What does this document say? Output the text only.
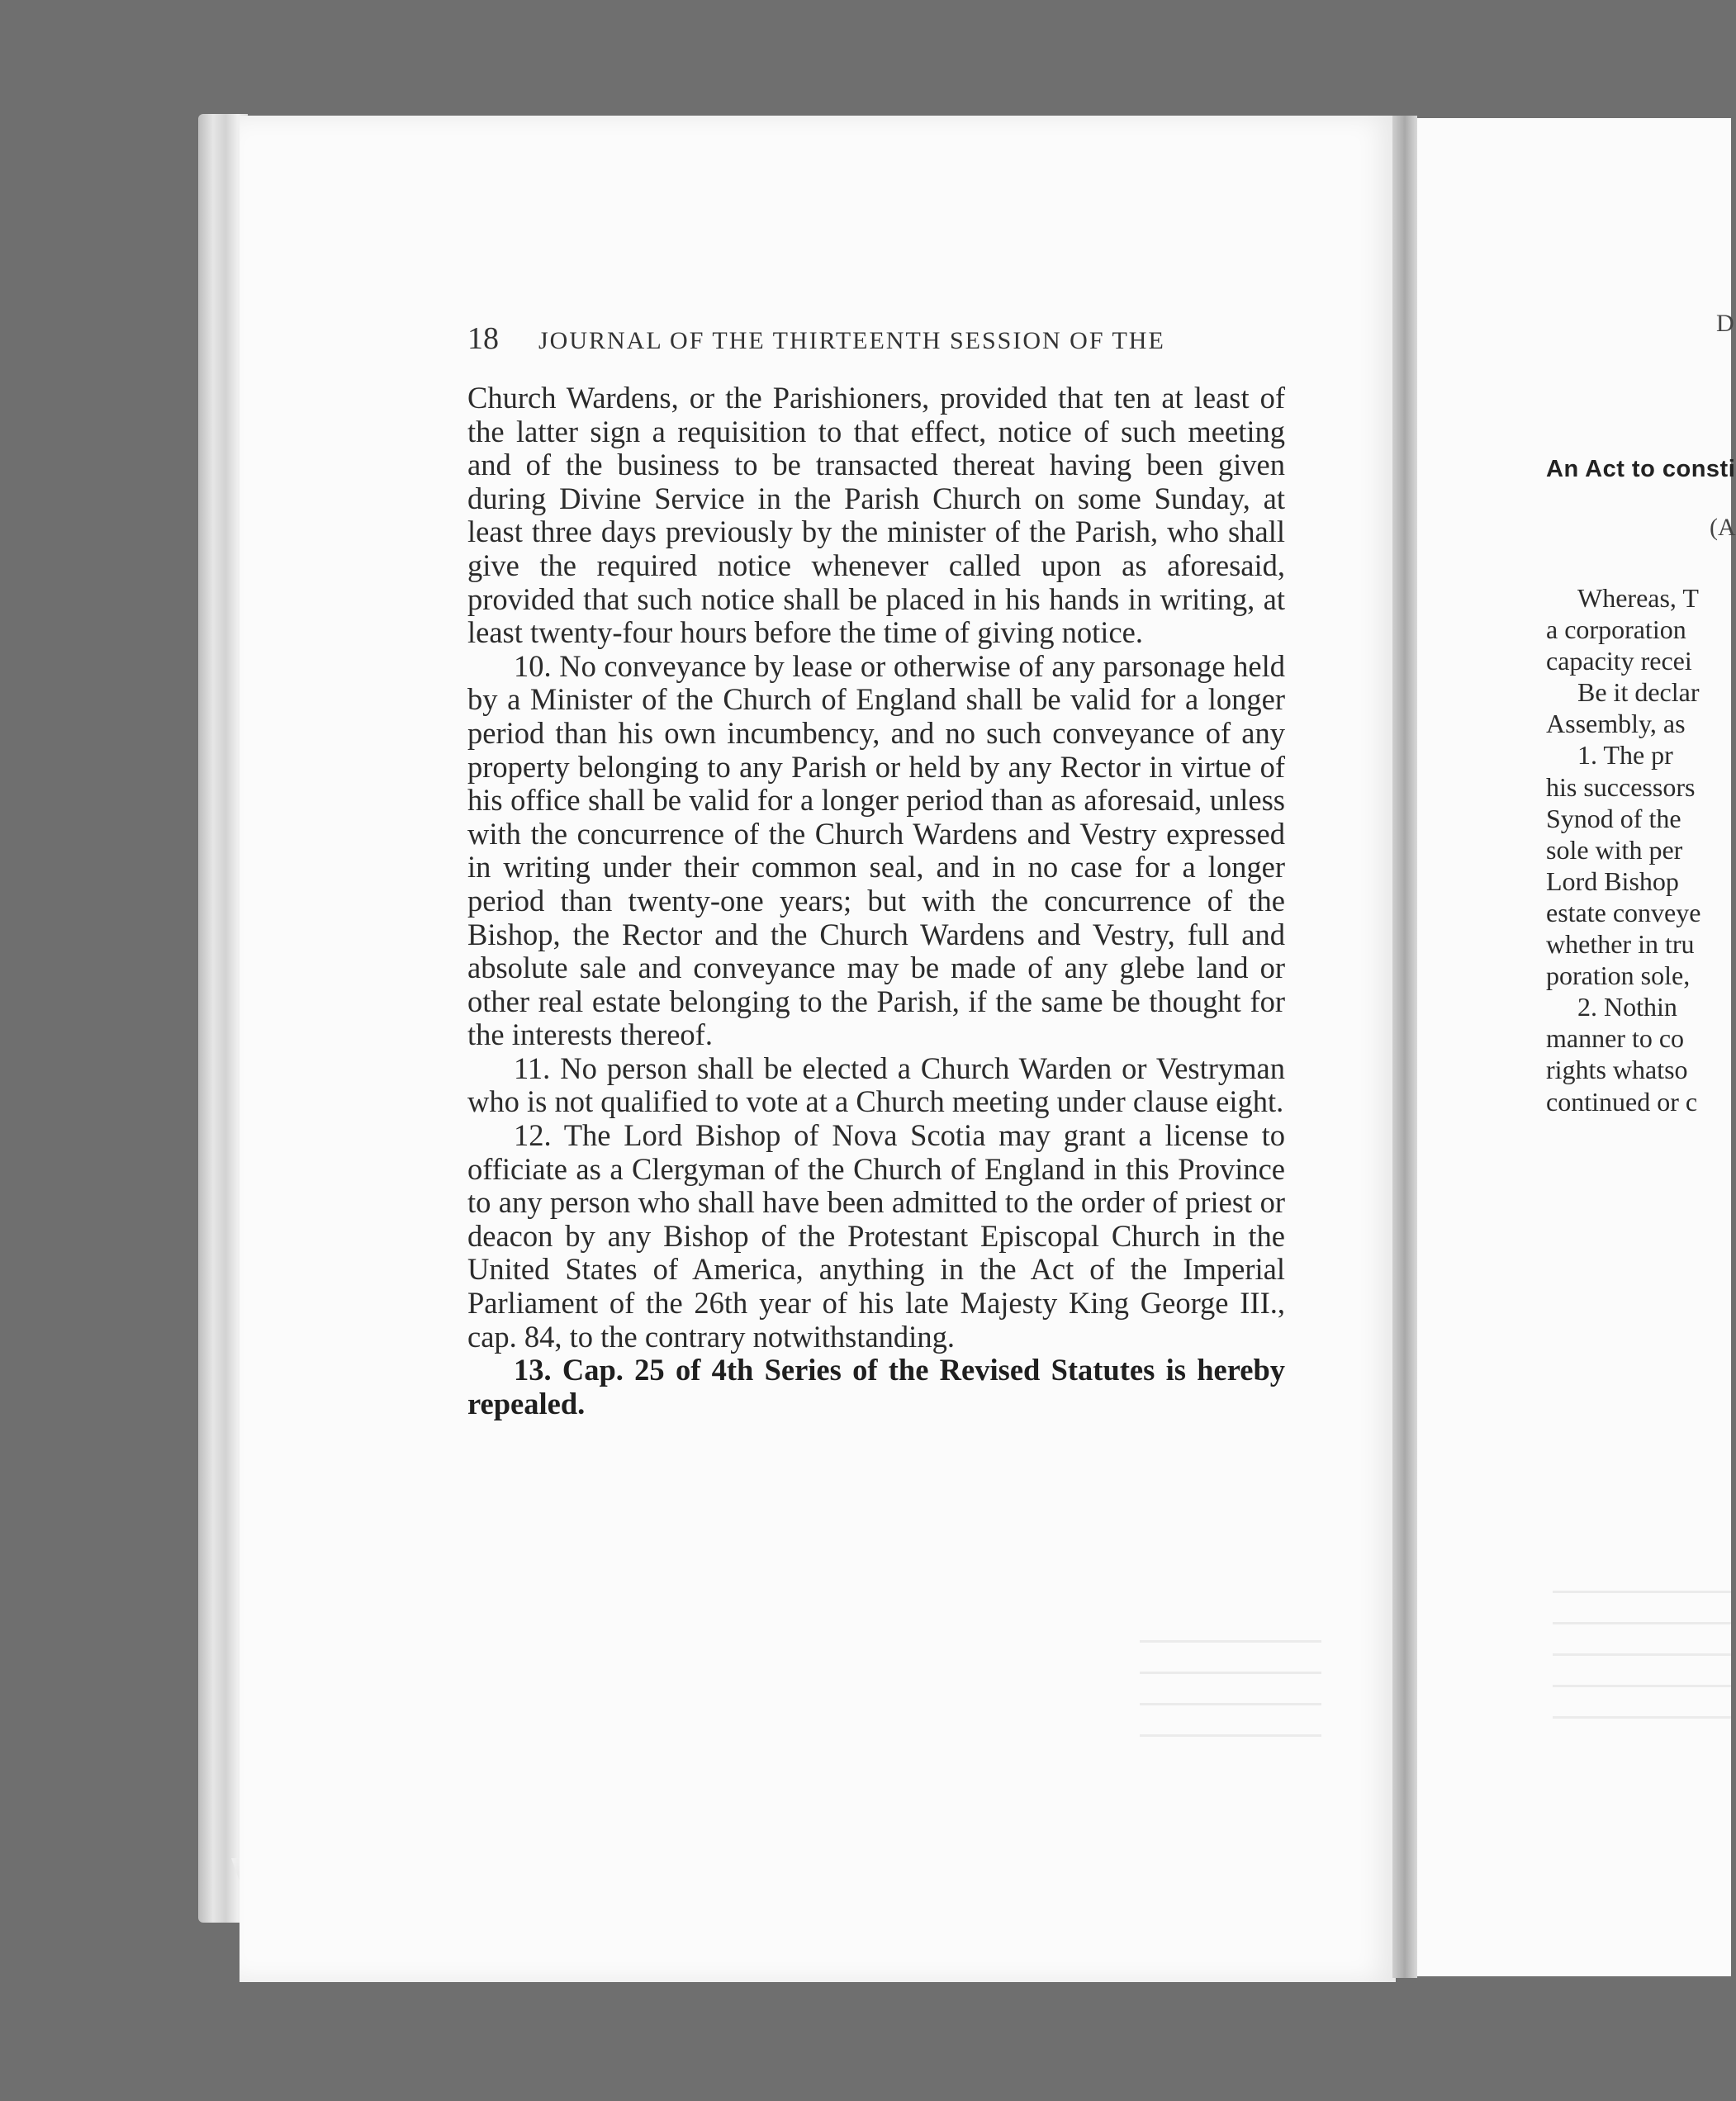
18 JOURNAL OF THE THIRTEENTH SESSION OF THE

Church Wardens, or the Parishioners, provided that ten at least of the latter sign a requisition to that effect, notice of such meeting and of the business to be transacted thereat having been given during Divine Service in the Parish Church on some Sunday, at least three days previously by the minister of the Parish, who shall give the required notice whenever called upon as aforesaid, provided that such notice shall be placed in his hands in writing, at least twenty-four hours before the time of giving notice.

10. No conveyance by lease or otherwise of any parsonage held by a Minister of the Church of England shall be valid for a longer period than his own incumbency, and no such conveyance of any property belonging to any Parish or held by any Rector in virtue of his office shall be valid for a longer period than as aforesaid, unless with the concurrence of the Church Wardens and Vestry expressed in writing under their common seal, and in no case for a longer period than twenty-one years; but with the concurrence of the Bishop, the Rector and the Church Wardens and Vestry, full and absolute sale and conveyance may be made of any glebe land or other real estate belonging to the Parish, if the same be thought for the interests thereof.

11. No person shall be elected a Church Warden or Vestryman who is not qualified to vote at a Church meeting under clause eight.

12. The Lord Bishop of Nova Scotia may grant a license to officiate as a Clergyman of the Church of England in this Province to any person who shall have been admitted to the order of priest or deacon by any Bishop of the Protestant Episcopal Church in the United States of America, anything in the Act of the Imperial Parliament of the 26th year of his late Majesty King George III., cap. 84, to the contrary notwithstanding.

13. Cap. 25 of 4th Series of the Revised Statutes is hereby repealed.

D
An Act to consti
(A
Whereas, T
a corporation
capacity recei
Be it declar
Assembly, as
1. The pr
his successors
Synod of the
sole with per
Lord Bishop
estate conveye
whether in tru
poration sole,
2. Nothin
manner to co
rights whatso
continued or c
